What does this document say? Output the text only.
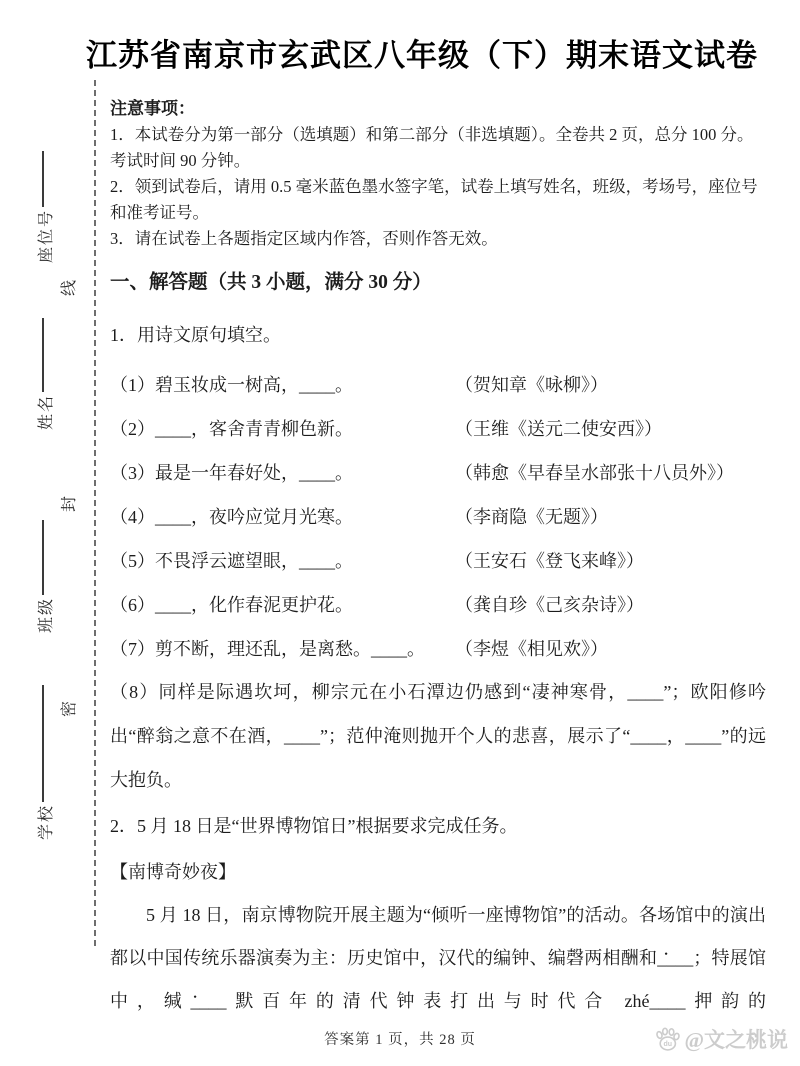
江苏省南京市玄武区八年级（下）期末语文试卷
座位号
姓名
班级
学校
线
封
密

注意事项：

1．本试卷分为第一部分（选填题）和第二部分（非选填题）。全卷共 2 页，总分 100 分。考试时间 90 分钟。

2．领到试卷后，请用 0.5 毫米蓝色墨水签字笔，试卷上填写姓名，班级，考场号，座位号和准考证号。

3．请在试卷上各题指定区域内作答，否则作答无效。

一、解答题（共 3 小题，满分 30 分）

1．用诗文原句填空。

（1）碧玉妆成一树高，____。	（贺知章《咏柳》）
（2）____，客舍青青柳色新。	（王维《送元二使安西》）
（3）最是一年春好处，____。	（韩愈《早春呈水部张十八员外》）
（4）____，夜吟应觉月光寒。	（李商隐《无题》）
（5）不畏浮云遮望眼，____。	（王安石《登飞来峰》）
（6）____，化作春泥更护花。	（龚自珍《己亥杂诗》）
（7）剪不断，理还乱，是离愁。____。	（李煜《相见欢》）

（8）同样是际遇坎坷，柳宗元在小石潭边仍感到“凄神寒骨，____”；欧阳修吟出“醉翁之意不在酒，____”；范仲淹则抛开个人的悲喜，展示了“____，____”的远大抱负。

2．5 月 18 日是“世界博物馆日”根据要求完成任务。

【南博奇妙夜】

5 月 18 日，南京博物院开展主题为“倾听一座博物馆”的活动。各场馆中的演出都以中国传统乐器演奏为主：历史馆中，汉代的编钟、编磬两相酬和 •____；特展馆中，缄 •____默百年的清代钟表打出与时代合 zhé____押韵的

答案第 1 页，共 28 页	du @文之桃说
